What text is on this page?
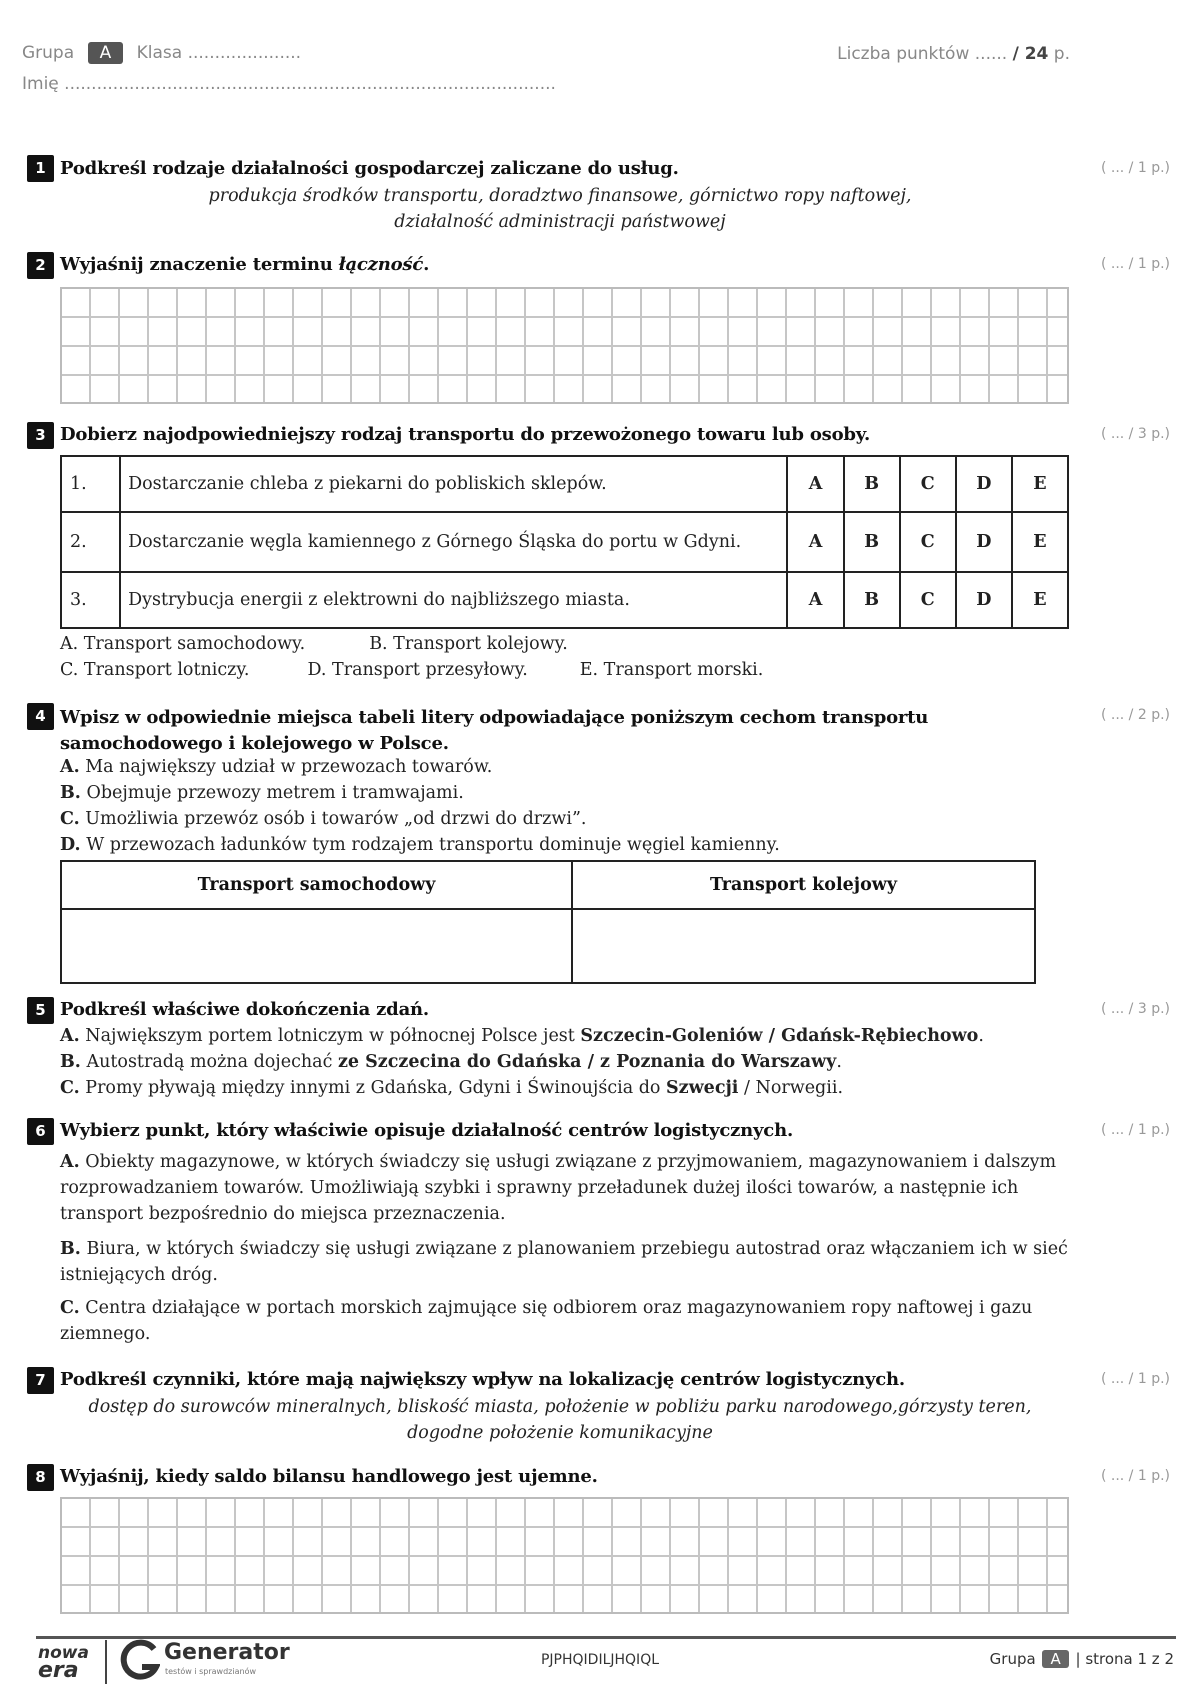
Grupa A Klasa .....................
Imię ...........................................................................................
Liczba punktów ...... / 24 p.
1 Podkreśl rodzaje działalności gospodarczej zaliczane do usług.	( ... / 1 p.)
produkcja środków transportu, doradztwo finansowe, górnictwo ropy naftowej,
działalność administracji państwowej
2 Wyjaśnij znaczenie terminu łączność.	( ... / 1 p.)
3 Dobierz najodpowiedniejszy rodzaj transportu do przewożonego towaru lub osoby.	( ... / 3 p.)
1.	Dostarczanie chleba z piekarni do pobliskich sklepów.	A	B	C	D	E
2.	Dostarczanie węgla kamiennego z Górnego Śląska do portu w Gdyni.	A	B	C	D	E
3.	Dystrybucja energii z elektrowni do najbliższego miasta.	A	B	C	D	E
A. Transport samochodowy.	B. Transport kolejowy.
C. Transport lotniczy.	D. Transport przesyłowy.	E. Transport morski.
4 Wpisz w odpowiednie miejsca tabeli litery odpowiadające poniższym cechom transportu
samochodowego i kolejowego w Polsce.
( ... / 2 p.)
A. Ma największy udział w przewozach towarów.
B. Obejmuje przewozy metrem i tramwajami.
C. Umożliwia przewóz osób i towarów „od drzwi do drzwi”.
D. W przewozach ładunków tym rodzajem transportu dominuje węgiel kamienny.
Transport samochodowy	Transport kolejowy

5 Podkreśl właściwe dokończenia zdań.	( ... / 3 p.)
A. Największym portem lotniczym w północnej Polsce jest Szczecin-Goleniów / Gdańsk-Rębiechowo.
B. Autostradą można dojechać ze Szczecina do Gdańska / z Poznania do Warszawy.
C. Promy pływają między innymi z Gdańska, Gdyni i Świnoujścia do Szwecji / Norwegii.
6 Wybierz punkt, który właściwie opisuje działalność centrów logistycznych.	( ... / 1 p.)
A. Obiekty magazynowe, w których świadczy się usługi związane z przyjmowaniem, magazynowaniem i dalszym rozprowadzaniem towarów. Umożliwiają szybki i sprawny przeładunek dużej ilości towarów, a następnie ich transport bezpośrednio do miejsca przeznaczenia.
B. Biura, w których świadczy się usługi związane z planowaniem przebiegu autostrad oraz włączaniem ich w sieć istniejących dróg.
C. Centra działające w portach morskich zajmujące się odbiorem oraz magazynowaniem ropy naftowej i gazu ziemnego.
7 Podkreśl czynniki, które mają największy wpływ na lokalizację centrów logistycznych.	( ... / 1 p.)
dostęp do surowców mineralnych, bliskość miasta, położenie w pobliżu parku narodowego,górzysty teren,
dogodne położenie komunikacyjne
8 Wyjaśnij, kiedy saldo bilansu handlowego jest ujemne.	( ... / 1 p.)
nowa
era
Generator
testów i sprawdzianów
PJPHQIDILJHQIQL	Grupa A | strona 1 z 2
